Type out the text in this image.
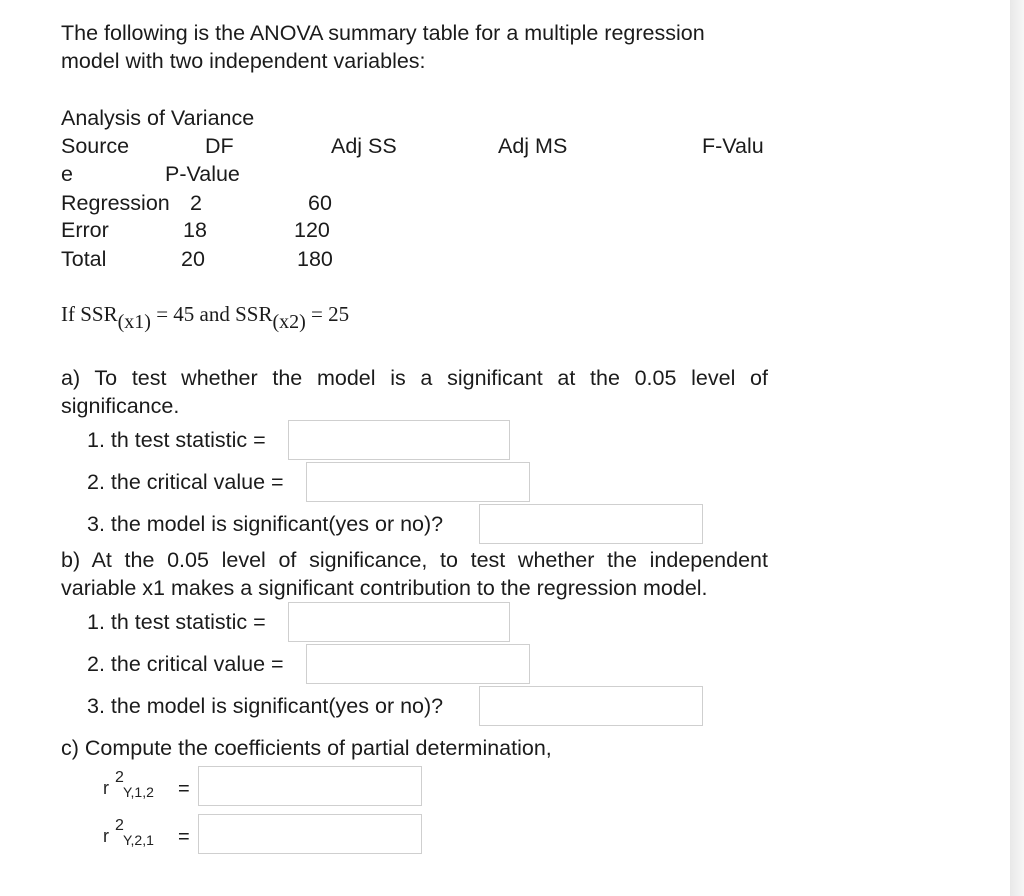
The following is the ANOVA summary table for a multiple regression

model with two independent variables:

Analysis of Variance

Source	DF	Adj SS	Adj MS	F-Valu

e	P-Value

Regression 2	60

Error	18	120

Total	20	180

If SSR(x1) = 45 and SSR(x2) = 25

a) To test whether the model is a significant at the 0.05 level of

significance.

1. th test statistic =

2. the critical value =

3. the model is significant(yes or no)?

b) At the 0.05 level of significance, to test whether the independent

variable x1 makes a significant contribution to the regression model.

1. th test statistic =

2. the critical value =

3. the model is significant(yes or no)?

c) Compute the coefficients of partial determination,

r
2
Y,1,2 =
r
2
Y,2,1 =
